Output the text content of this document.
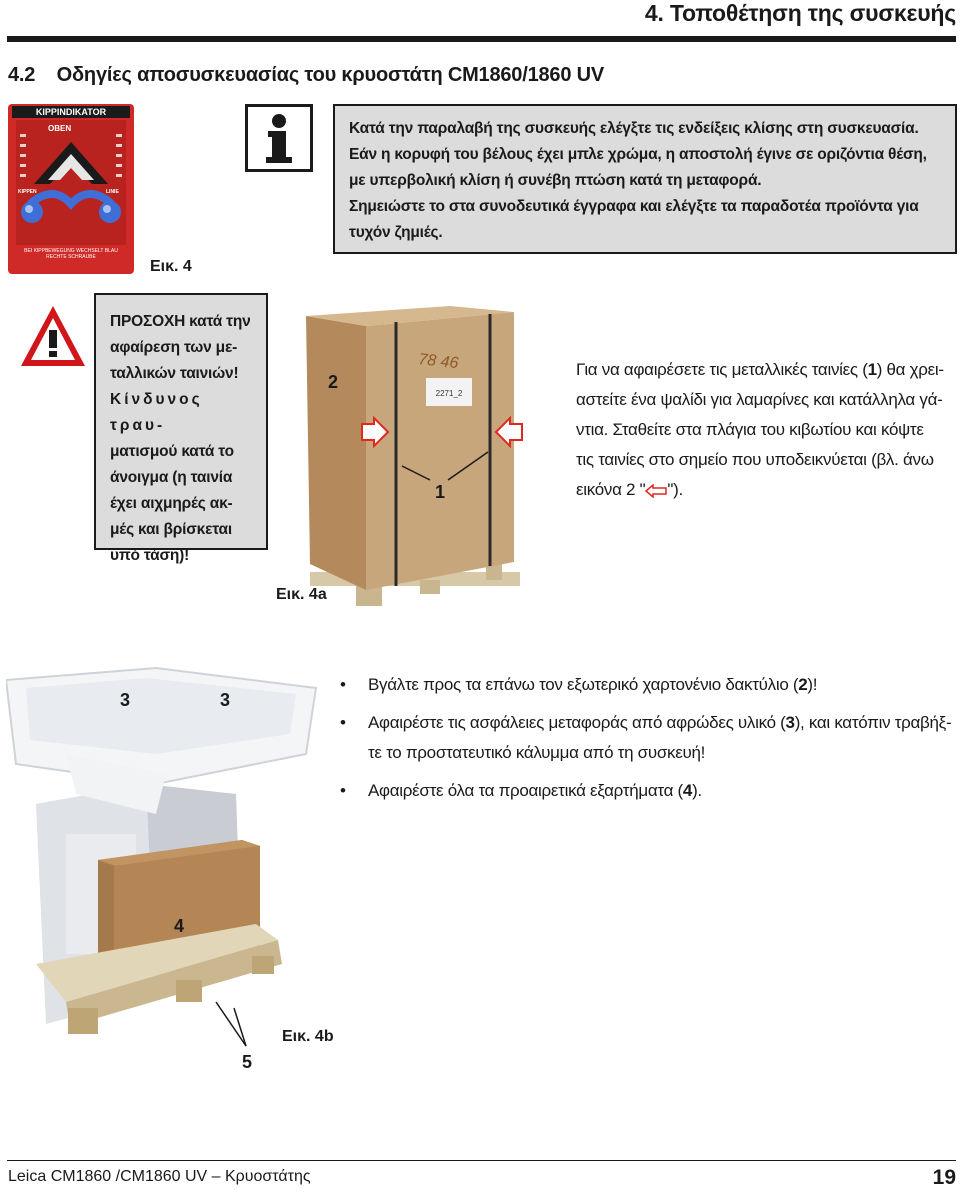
4. Τοποθέτηση της συσκευής
4.2 Οδηγίες αποσυσκευασίας του κρυοστάτη CM1860/1860 UV
KIPPINDIKATOR
OBEN
KIPPEN	LINIE
BEI KIPPBEWEGUNG WECHSELT BLAU RECHTE SCHRAUBE
Εικ. 4
Κατά την παραλαβή της συσκευής ελέγξτε τις ενδείξεις κλίσης στη συσκευασία.
Εάν η κορυφή του βέλους έχει μπλε χρώμα, η αποστολή έγινε σε οριζόντια θέση,
με υπερβολική κλίση ή συνέβη πτώση κατά τη μεταφορά.
Σημειώστε το στα συνοδευτικά έγγραφα και ελέγξτε τα παραδοτέα προϊόντα για
τυχόν ζημιές.
ΠΡΟΣΟΧΗ κατά την
αφαίρεση των με-
ταλλικών ταινιών!
Κίνδυνος τραυ-
ματισμού κατά το
άνοιγμα (η ταινία
έχει αιχμηρές ακ-
μές και βρίσκεται
υπό τάση)!
2271_2
78 46
2
1
Εικ. 4a
Για να αφαιρέσετε τις μεταλλικές ταινίες (1) θα χρει-
αστείτε ένα ψαλίδι για λαμαρίνες και κατάλληλα γά-
ντια. Σταθείτε στα πλάγια του κιβωτίου και κόψτε
τις ταινίες στο σημείο που υποδεικνύεται (βλ. άνω
εικόνα 2 " ").
3	3
4
5
Εικ. 4b
• Βγάλτε προς τα επάνω τον εξωτερικό χαρτονένιο δακτύλιο (2)!
• Αφαιρέστε τις ασφάλειες μεταφοράς από αφρώδες υλικό (3), και κατόπιν τραβήξ-
τε το προστατευτικό κάλυμμα από τη συσκευή!
• Αφαιρέστε όλα τα προαιρετικά εξαρτήματα (4).
Leica CM1860 /CM1860 UV – Κρυοστάτης	19
